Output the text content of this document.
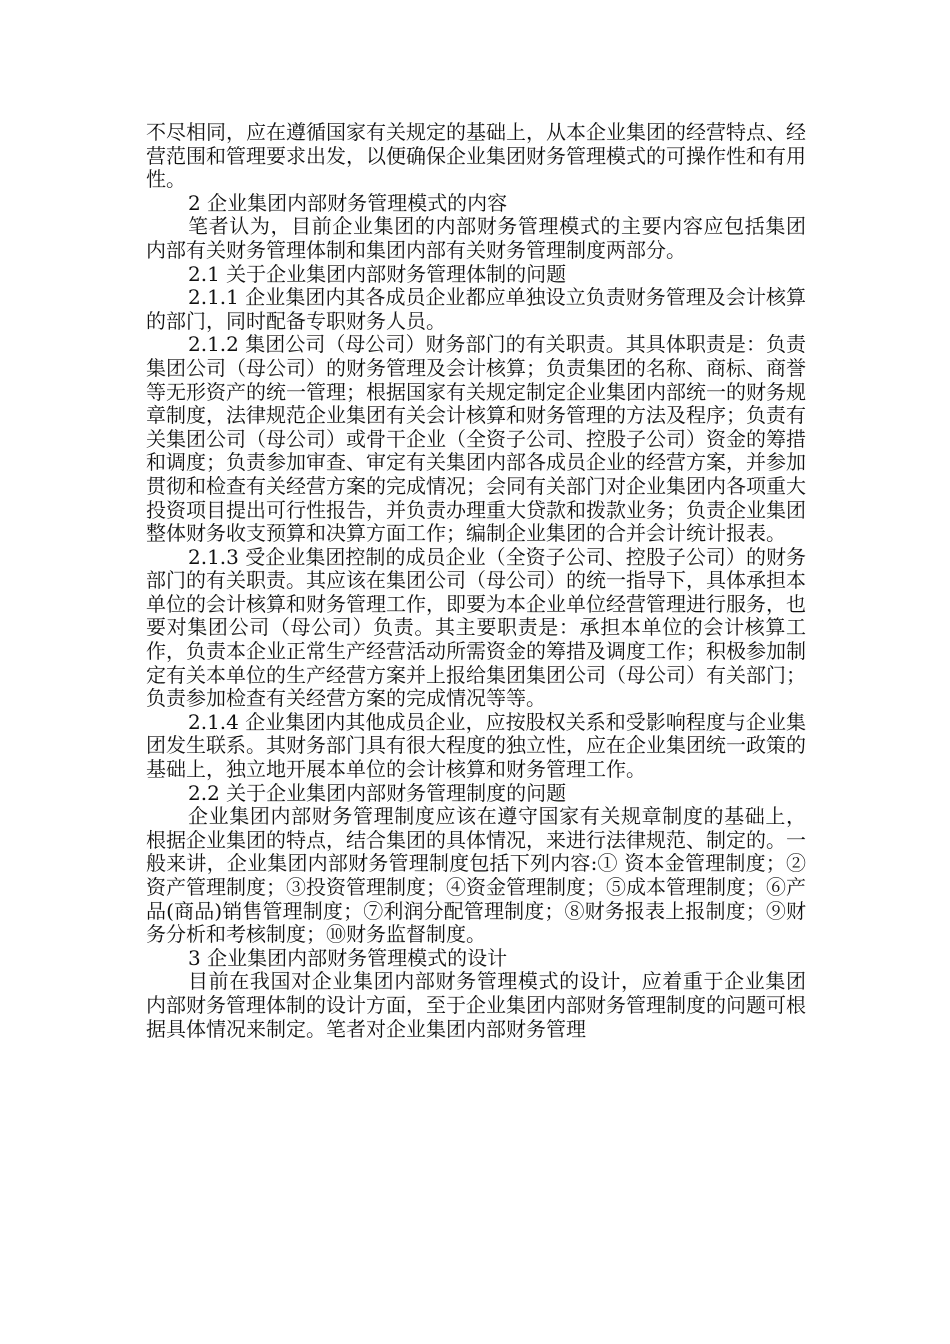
不尽相同，应在遵循国家有关规定的基础上，从本企业集团的经营特点、经营范围和管理要求出发，以便确保企业集团财务管理模式的可操作性和有用性。

2 企业集团内部财务管理模式的内容

笔者认为，目前企业集团的内部财务管理模式的主要内容应包括集团内部有关财务管理体制和集团内部有关财务管理制度两部分。

2.1 关于企业集团内部财务管理体制的问题

2.1.1 企业集团内其各成员企业都应单独设立负责财务管理及会计核算的部门，同时配备专职财务人员。

2.1.2 集团公司（母公司）财务部门的有关职责。其具体职责是：负责集团公司（母公司）的财务管理及会计核算；负责集团的名称、商标、商誉等无形资产的统一管理；根据国家有关规定制定企业集团内部统一的财务规章制度，法律规范企业集团有关会计核算和财务管理的方法及程序；负责有关集团公司（母公司）或骨干企业（全资子公司、控股子公司）资金的筹措和调度；负责参加审查、审定有关集团内部各成员企业的经营方案，并参加贯彻和检查有关经营方案的完成情况；会同有关部门对企业集团内各项重大投资项目提出可行性报告，并负责办理重大贷款和拨款业务；负责企业集团整体财务收支预算和决算方面工作；编制企业集团的合并会计统计报表。

2.1.3 受企业集团控制的成员企业（全资子公司、控股子公司）的财务部门的有关职责。其应该在集团公司（母公司）的统一指导下，具体承担本单位的会计核算和财务管理工作，即要为本企业单位经营管理进行服务，也要对集团公司（母公司）负责。其主要职责是：承担本单位的会计核算工作，负责本企业正常生产经营活动所需资金的筹措及调度工作；积极参加制定有关本单位的生产经营方案并上报给集团集团公司（母公司）有关部门；负责参加检查有关经营方案的完成情况等等。

2.1.4 企业集团内其他成员企业，应按股权关系和受影响程度与企业集团发生联系。其财务部门具有很大程度的独立性，应在企业集团统一政策的基础上，独立地开展本单位的会计核算和财务管理工作。

2.2 关于企业集团内部财务管理制度的问题

企业集团内部财务管理制度应该在遵守国家有关规章制度的基础上，根据企业集团的特点，结合集团的具体情况，来进行法律规范、制定的。一般来讲，企业集团内部财务管理制度包括下列内容:① 资本金管理制度；②资产管理制度；③投资管理制度；④资金管理制度；⑤成本管理制度；⑥产品(商品)销售管理制度；⑦利润分配管理制度；⑧财务报表上报制度；⑨财务分析和考核制度；⑩财务监督制度。

3 企业集团内部财务管理模式的设计

目前在我国对企业集团内部财务管理模式的设计，应着重于企业集团内部财务管理体制的设计方面，至于企业集团内部财务管理制度的问题可根据具体情况来制定。笔者对企业集团内部财务管理
